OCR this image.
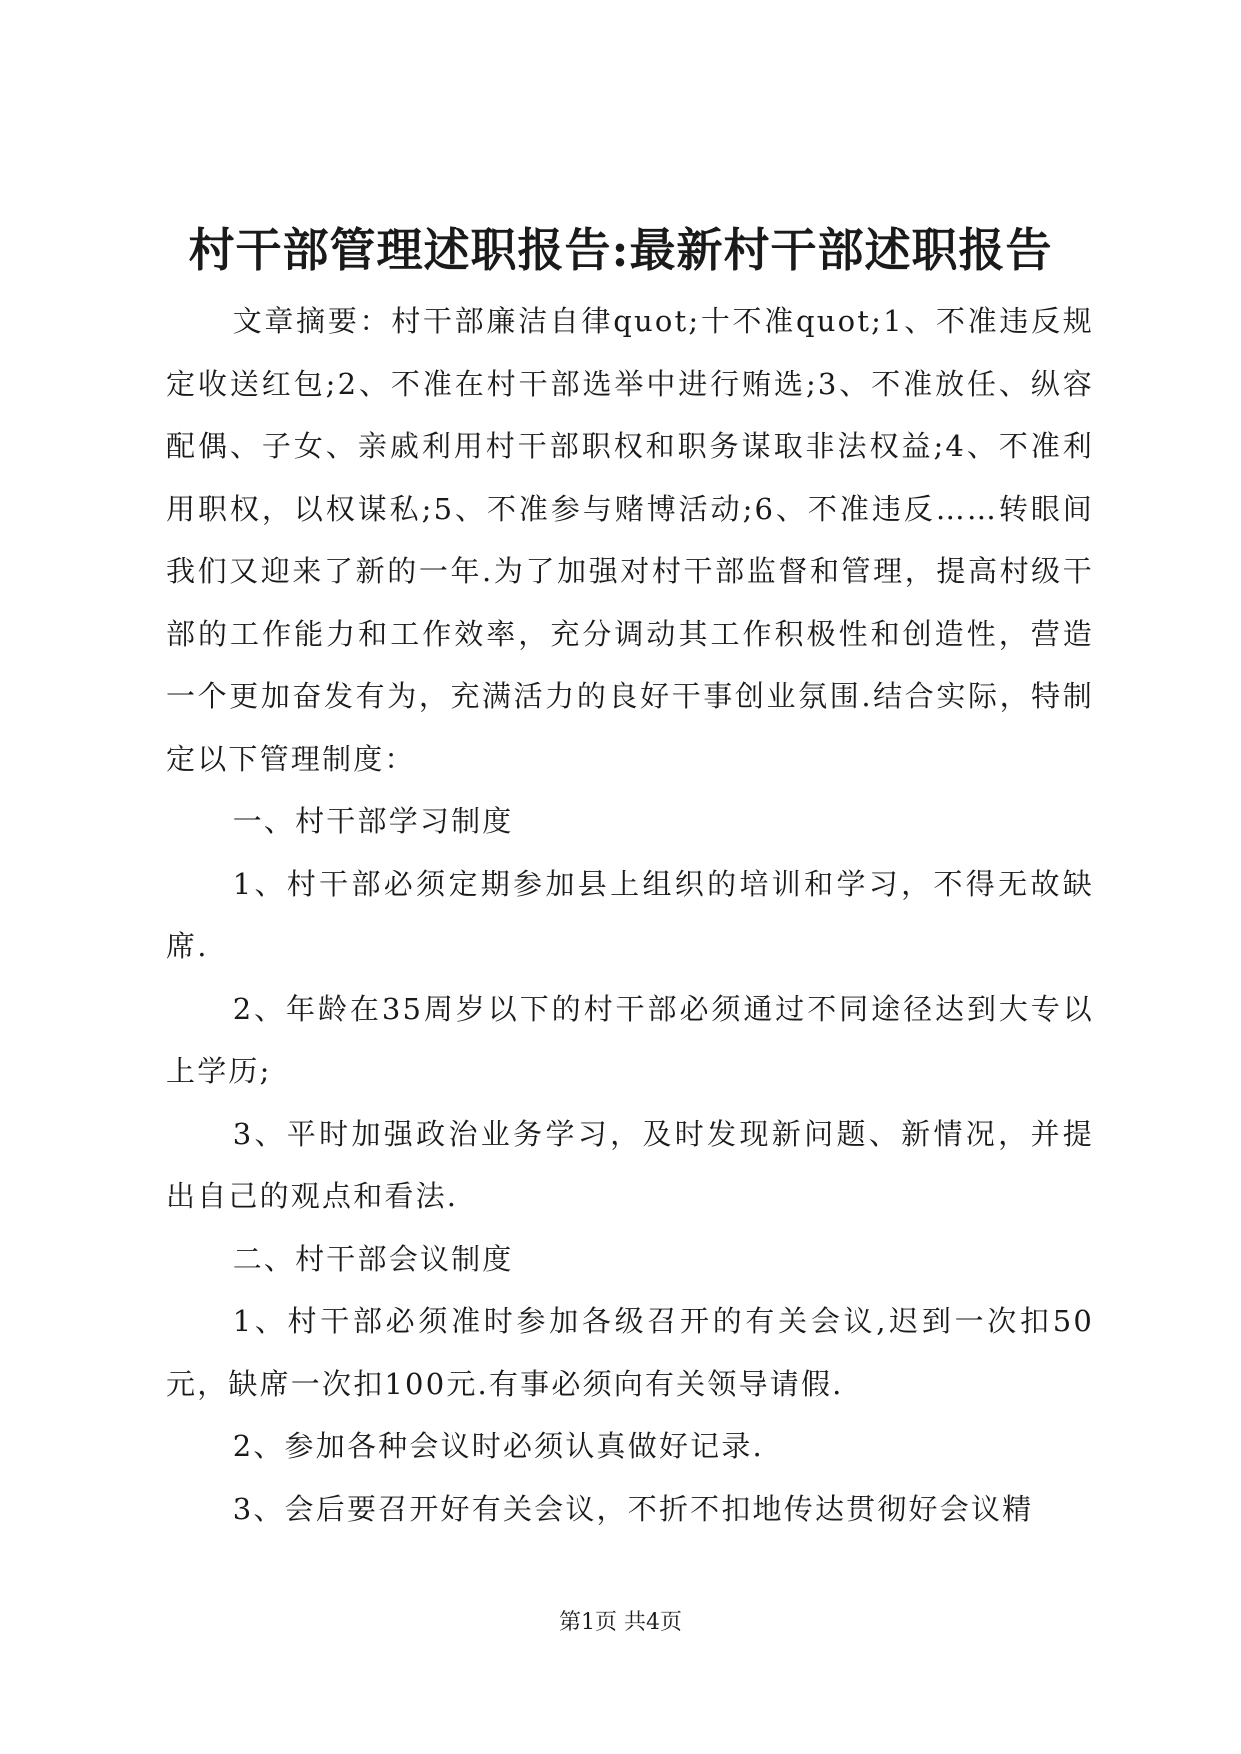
村干部管理述职报告:最新村干部述职报告

文章摘要：村干部廉洁自律quot;十不准quot;1、不准违反规定收送红包;2、不准在村干部选举中进行贿选;3、不准放任、纵容配偶、子女、亲戚利用村干部职权和职务谋取非法权益;4、不准利用职权，以权谋私;5、不准参与赌博活动;6、不准违反……转眼间我们又迎来了新的一年.为了加强对村干部监督和管理，提高村级干部的工作能力和工作效率，充分调动其工作积极性和创造性，营造一个更加奋发有为，充满活力的良好干事创业氛围.结合实际，特制定以下管理制度：

一、村干部学习制度

1、村干部必须定期参加县上组织的培训和学习，不得无故缺席.

2、年龄在35周岁以下的村干部必须通过不同途径达到大专以上学历;

3、平时加强政治业务学习，及时发现新问题、新情况，并提出自己的观点和看法.

二、村干部会议制度

1、村干部必须准时参加各级召开的有关会议,迟到一次扣50元，缺席一次扣100元.有事必须向有关领导请假.

2、参加各种会议时必须认真做好记录.

3、会后要召开好有关会议，不折不扣地传达贯彻好会议精

第1页 共4页
